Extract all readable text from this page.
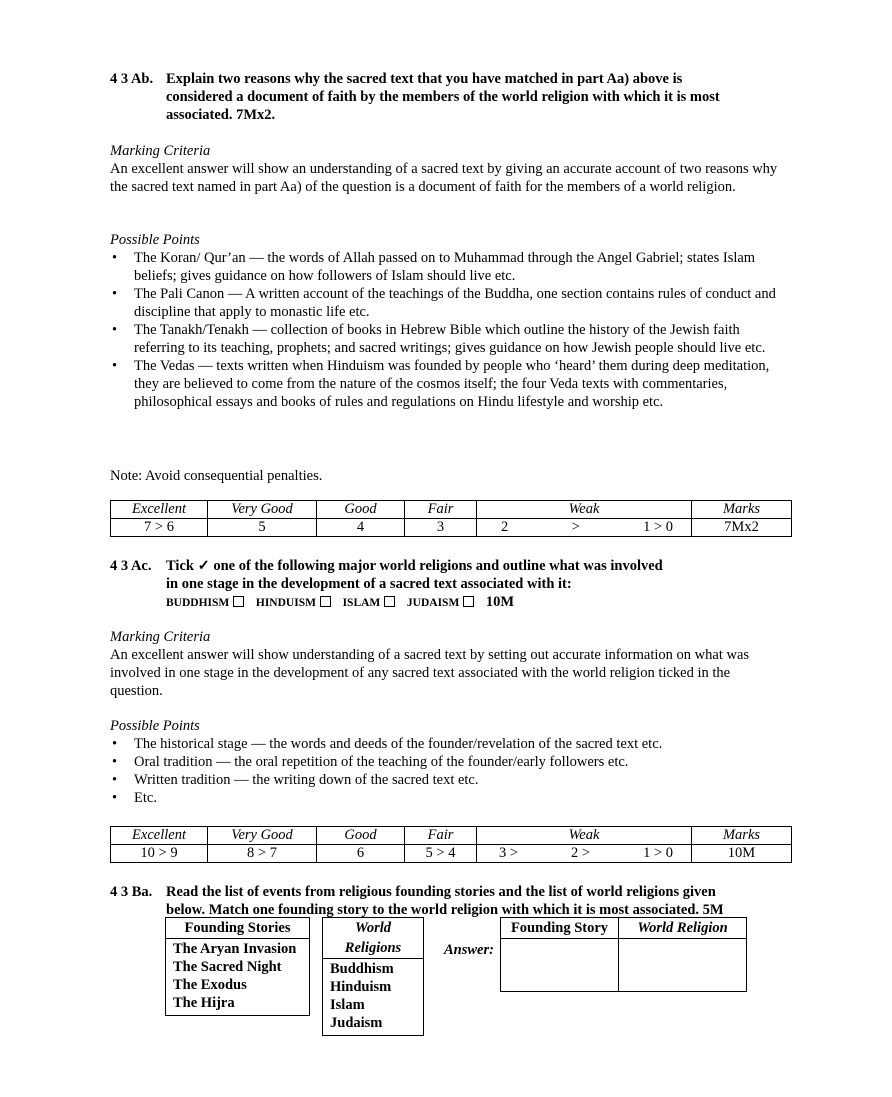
4 3 Ab. Explain two reasons why the sacred text that you have matched in part Aa) above is
considered a document of faith by the members of the world religion with which it is most
associated. 7Mx2.
Marking Criteria
An excellent answer will show an understanding of a sacred text by giving an accurate account of two reasons why the sacred text named in part Aa) of the question is a document of faith for the members of a world religion.
Possible Points
• The Koran/ Qur’an — the words of Allah passed on to Muhammad through the Angel Gabriel; states Islam beliefs; gives guidance on how followers of Islam should live etc.
• The Pali Canon — A written account of the teachings of the Buddha, one section contains rules of conduct and discipline that apply to monastic life etc.
• The Tanakh/Tenakh — collection of books in Hebrew Bible which outline the history of the Jewish faith referring to its teaching, prophets; and sacred writings; gives guidance on how Jewish people should live etc.
• The Vedas — texts written when Hinduism was founded by people who ‘heard’ them during deep meditation, they are believed to come from the nature of the cosmos itself; the four Veda texts with commentaries, philosophical essays and books of rules and regulations on Hindu lifestyle and worship etc.
Note: Avoid consequential penalties.
Excellent	Very Good	Good	Fair	Weak	Marks
7 > 6	5	4	3	2 > 1 > 0	7Mx2
4 3 Ac. Tick ✓ one of the following major world religions and outline what was involved
in one stage in the development of a sacred text associated with it:
BUDDHISM HINDUISM ISLAM JUDAISM 10M
Marking Criteria
An excellent answer will show understanding of a sacred text by setting out accurate information on what was involved in one stage in the development of any sacred text associated with the world religion ticked in the question.
Possible Points
• The historical stage — the words and deeds of the founder/revelation of the sacred text etc.
• Oral tradition — the oral repetition of the teaching of the founder/early followers etc.
• Written tradition — the writing down of the sacred text etc.
• Etc.
Excellent	Very Good	Good	Fair	Weak	Marks
10 > 9	8 > 7	6	5 > 4	3 > 2 > 1 > 0	10M
4 3 Ba. Read the list of events from religious founding stories and the list of world religions given
below. Match one founding story to the world religion with which it is most associated. 5M
Founding Stories

The Aryan Invasion
The Sacred Night
The Exodus
The Hijra
World Religions

Buddhism
Hinduism
Islam
Judaism
Answer:
Founding Story	World Religion
